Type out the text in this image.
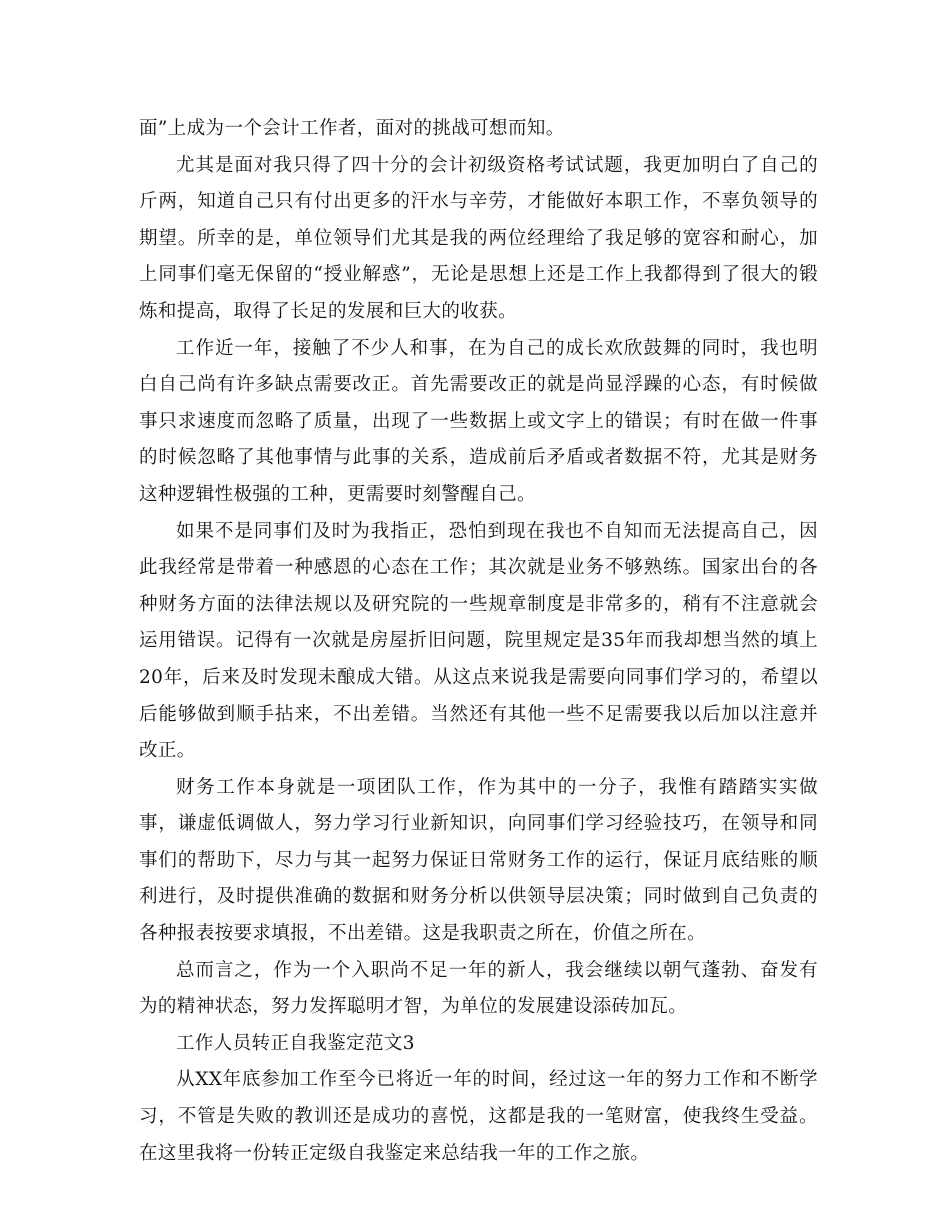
面”上成为一个会计工作者，面对的挑战可想而知。

尤其是面对我只得了四十分的会计初级资格考试试题，我更加明白了自己的斤两，知道自己只有付出更多的汗水与辛劳，才能做好本职工作，不辜负领导的期望。所幸的是，单位领导们尤其是我的两位经理给了我足够的宽容和耐心，加上同事们毫无保留的“授业解惑”，无论是思想上还是工作上我都得到了很大的锻炼和提高，取得了长足的发展和巨大的收获。

工作近一年，接触了不少人和事，在为自己的成长欢欣鼓舞的同时，我也明白自己尚有许多缺点需要改正。首先需要改正的就是尚显浮躁的心态，有时候做事只求速度而忽略了质量，出现了一些数据上或文字上的错误；有时在做一件事的时候忽略了其他事情与此事的关系，造成前后矛盾或者数据不符，尤其是财务这种逻辑性极强的工种，更需要时刻警醒自己。

如果不是同事们及时为我指正，恐怕到现在我也不自知而无法提高自己，因此我经常是带着一种感恩的心态在工作；其次就是业务不够熟练。国家出台的各种财务方面的法律法规以及研究院的一些规章制度是非常多的，稍有不注意就会运用错误。记得有一次就是房屋折旧问题，院里规定是35年而我却想当然的填上20年，后来及时发现未酿成大错。从这点来说我是需要向同事们学习的，希望以后能够做到顺手拈来，不出差错。当然还有其他一些不足需要我以后加以注意并改正。

财务工作本身就是一项团队工作，作为其中的一分子，我惟有踏踏实实做事，谦虚低调做人，努力学习行业新知识，向同事们学习经验技巧，在领导和同事们的帮助下，尽力与其一起努力保证日常财务工作的运行，保证月底结账的顺利进行，及时提供准确的数据和财务分析以供领导层决策；同时做到自己负责的各种报表按要求填报，不出差错。这是我职责之所在，价值之所在。

总而言之，作为一个入职尚不足一年的新人，我会继续以朝气蓬勃、奋发有为的精神状态，努力发挥聪明才智，为单位的发展建设添砖加瓦。

工作人员转正自我鉴定范文3

从XX年底参加工作至今已将近一年的时间，经过这一年的努力工作和不断学习，不管是失败的教训还是成功的喜悦，这都是我的一笔财富，使我终生受益。在这里我将一份转正定级自我鉴定来总结我一年的工作之旅。
